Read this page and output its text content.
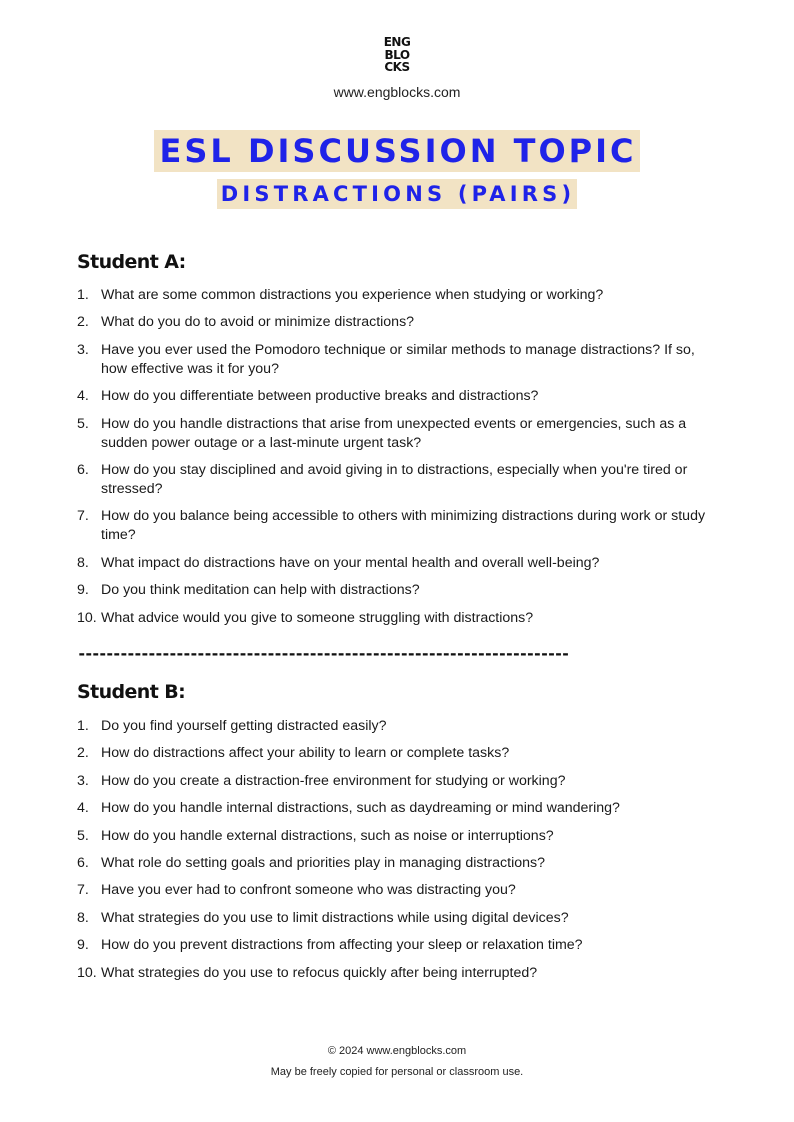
ENG
BLO
CKS
www.engblocks.com
ESL DISCUSSION TOPIC
DISTRACTIONS (PAIRS)
Student A:
1. What are some common distractions you experience when studying or working?
2. What do you do to avoid or minimize distractions?
3. Have you ever used the Pomodoro technique or similar methods to manage distractions? If so, how effective was it for you?
4. How do you differentiate between productive breaks and distractions?
5. How do you handle distractions that arise from unexpected events or emergencies, such as a sudden power outage or a last-minute urgent task?
6. How do you stay disciplined and avoid giving in to distractions, especially when you're tired or stressed?
7. How do you balance being accessible to others with minimizing distractions during work or study time?
8. What impact do distractions have on your mental health and overall well-being?
9. Do you think meditation can help with distractions?
10. What advice would you give to someone struggling with distractions?
----------------------------------------------------------------------
Student B:
1. Do you find yourself getting distracted easily?
2. How do distractions affect your ability to learn or complete tasks?
3. How do you create a distraction-free environment for studying or working?
4. How do you handle internal distractions, such as daydreaming or mind wandering?
5. How do you handle external distractions, such as noise or interruptions?
6. What role do setting goals and priorities play in managing distractions?
7. Have you ever had to confront someone who was distracting you?
8. What strategies do you use to limit distractions while using digital devices?
9. How do you prevent distractions from affecting your sleep or relaxation time?
10. What strategies do you use to refocus quickly after being interrupted?
© 2024 www.engblocks.com
May be freely copied for personal or classroom use.
